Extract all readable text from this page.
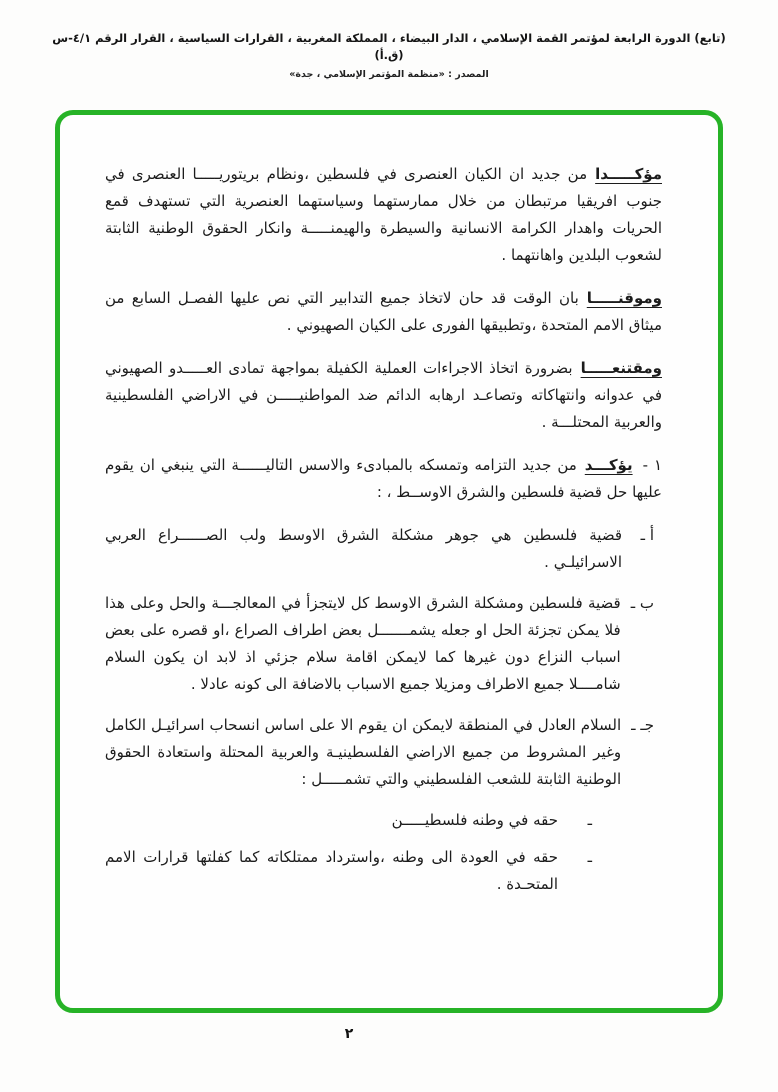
(تابع) الدورة الرابعة لمؤتمر القمة الإسلامي ، الدار البيضاء ، المملكة المغربية ، القرارات السياسية ، القرار الرقم ٤/١-س (ق.أ)
المصدر : «منظمة المؤتمر الإسلامي ، جدة»

مؤكـــــدامن جديد ان الكيان العنصرى في فلسطين ،ونظام بريتوريـــــا العنصرى في جنوب افريقيا مرتبطان من خلال ممارستهما وسياستهما العنصرية التي تستهدف قمع الحريات واهدار الكرامة الانسانية والسيطرة والهيمنـــــة وانكار الحقوق الوطنية الثابتة لشعوب البلدين واهانتهما .

وموقنـــــابان الوقت قد حان لاتخاذ جميع التدابير التي نص عليها الفصـل السابع من ميثاق الامم المتحدة ،وتطبيقها الفورى على الكيان الصهيوني .

ومقتنعـــــابضرورة اتخاذ الاجراءات العملية الكفيلة بمواجهة تمادى العـــــدو الصهيوني في عدوانه وانتهاكاته وتصاعـد ارهابه الدائم ضد المواطنيـــــن في الاراضي الفلسطينية والعربية المحتلـــة .

١ -يؤكـــدمن جديد التزامه وتمسكه بالمبادىء والاسس التاليــــــة التي ينبغي ان يقوم عليها حل قضية فلسطين والشرق الاوســط ، :

أ ـ

قضية فلسطين هي جوهر مشكلة الشرق الاوسط ولب الصــــــراع العربي الاسرائيلـي .

ب ـ

قضية فلسطين ومشكلة الشرق الاوسط كل لايتجزأ في المعالجـــة والحل وعلى هذا فلا يمكن تجزئة الحل او جعله يشمـــــــل بعض اطراف الصراع ،او قصره على بعض اسباب النزاع دون غيرها كما لايمكن اقامة سلام جزئي اذ لابد ان يكون السلام شامــــلا جميع الاطراف ومزيلا جميع الاسباب بالاضافة الى كونه عادلا .

جـ ـ

السلام العادل في المنطقة لايمكن ان يقوم الا على اساس انسحاب اسرائيـل الكامل وغير المشروط من جميع الاراضي الفلسطينيـة والعربية المحتلة واستعادة الحقوق الوطنية الثابتة للشعب الفلسطيني والتي تشمـــــل :

ـ

حقه في وطنه فلسطيـــــن

ـ

حقه في العودة الى وطنه ،واسترداد ممتلكاته كما كفلتها قرارات الامم المتحـدة .

٢
